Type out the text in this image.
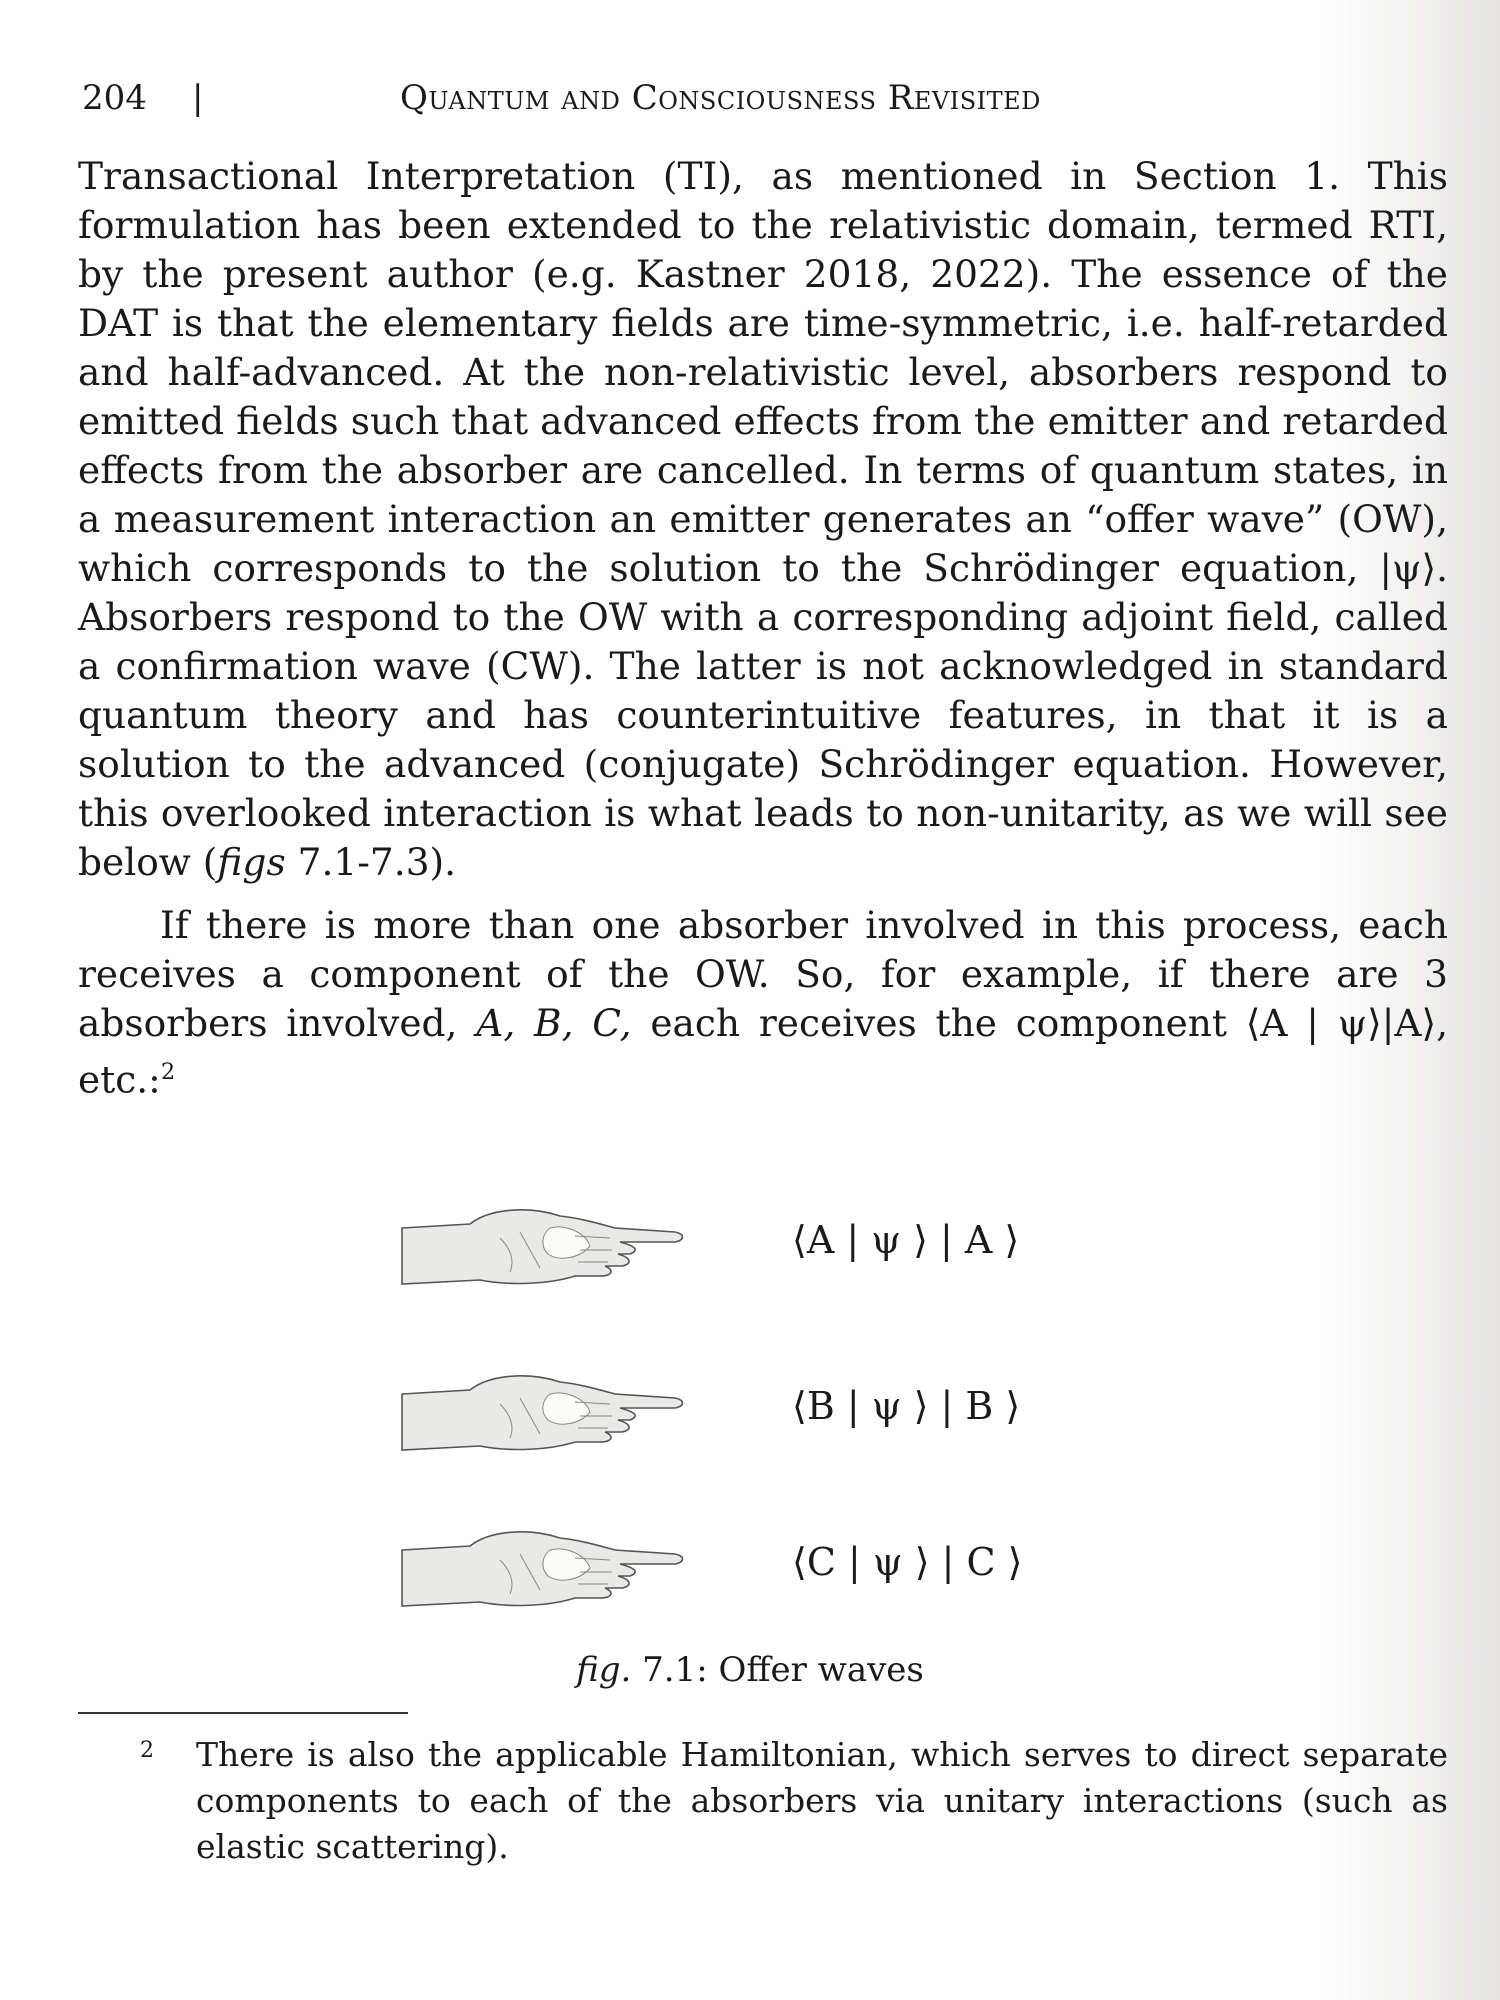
204 |	Quantum and Consciousness Revisited

Transactional Interpretation (TI), as mentioned in Section 1. This formulation has been extended to the relativistic domain, termed RTI, by the present author (e.g. Kastner 2018, 2022). The essence of the DAT is that the elementary fields are time-symmetric, i.e. half-retarded and half-advanced. At the non-relativistic level, absorbers respond to emitted fields such that advanced effects from the emitter and retarded effects from the absorber are cancelled. In terms of quantum states, in a measurement interaction an emitter generates an “offer wave” (OW), which corresponds to the solution to the Schrödinger equation, |ψ⟩. Absorbers respond to the OW with a corresponding adjoint field, called a confirmation wave (CW). The latter is not acknowledged in standard quantum theory and has counterintuitive features, in that it is a solution to the advanced (conjugate) Schrödinger equation. However, this overlooked interaction is what leads to non-unitarity, as we will see below (figs 7.1-7.3).

If there is more than one absorber involved in this process, each receives a component of the OW. So, for example, if there are 3 absorbers involved, A, B, C, each receives the component ⟨A | ψ⟩|A⟩, etc.:$^2$

⟨A | ψ ⟩ | A ⟩
⟨B | ψ ⟩ | B ⟩
⟨C | ψ ⟩ | C ⟩
fig. 7.1: Offer waves
2 There is also the applicable Hamiltonian, which serves to direct separate components to each of the absorbers via unitary interactions (such as elastic scattering).
